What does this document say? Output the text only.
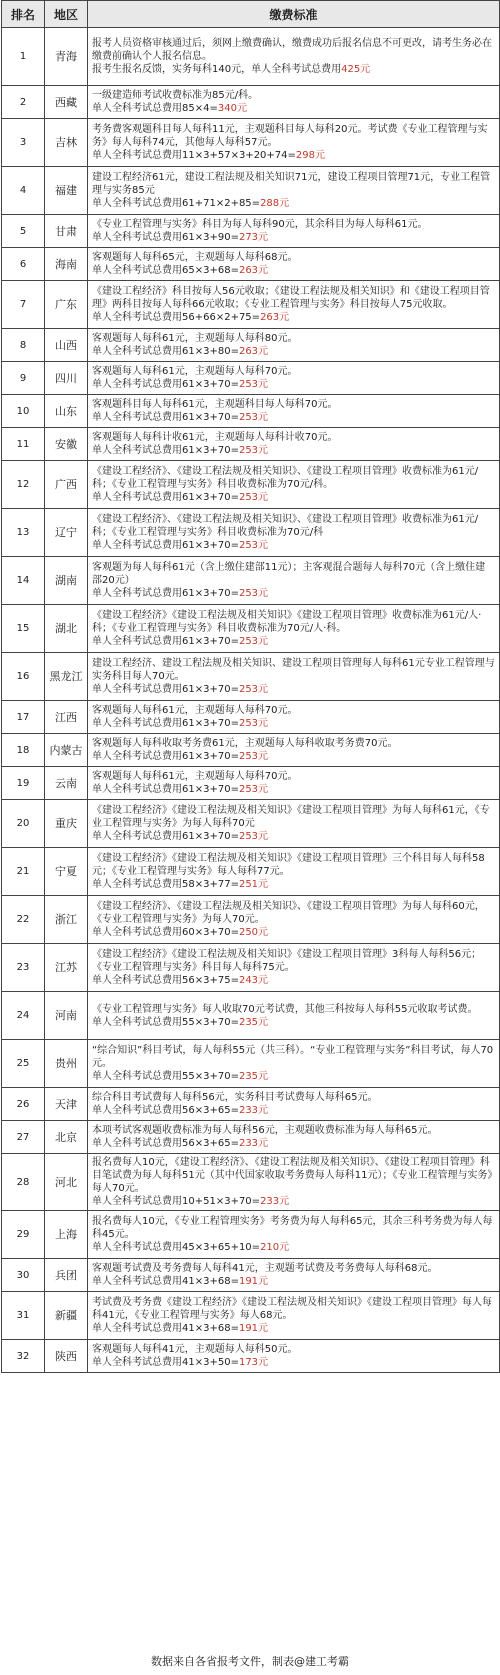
排名	地区	缴费标准
1	青海	报考人员资格审核通过后，须网上缴费确认，缴费成功后报名信息不可更改，请考生务必在缴费前确认个人报名信息。
报考生报名反馈，实务每科140元，单人全科考试总费用425元

2	西藏	一级建造师考试收费标准为85元/科。
单人全科考试总费用85×4=340元

3	吉林	考务费客观题科目每人每科11元，主观题科目每人每科20元。考试费《专业工程管理与实务》每人每科74元，其他每人每科57元。
单人全科考试总费用11×3+57×3+20+74=298元

4	福建	建设工程经济61元，建设工程法规及相关知识71元，建设工程项目管理71元，专业工程管理与实务85元
单人全科考试总费用61+71×2+85=288元

5	甘肃	《专业工程管理与实务》科目为每人每科90元，其余科目为每人每科61元。
单人全科考试总费用61×3+90=273元

6	海南	客观题每人每科65元，主观题每人每科68元。
单人全科考试总费用65×3+68=263元

7	广东	《建设工程经济》科目按每人56元收取；《建设工程法规及相关知识》和《建设工程项目管理》两科目按每人每科66元收取；《专业工程管理与实务》科目按每人75元收取。
单人全科考试总费用56+66×2+75=263元

8	山西	客观题每人每科61元，主观题每人每科80元。
单人全科考试总费用61×3+80=263元

9	四川	客观题每人每科61元，主观题每人每科70元。
单人全科考试总费用61×3+70=253元

10	山东	客观题科目每人每科61元，主观题科目每人每科70元。
单人全科考试总费用61×3+70=253元

11	安徽	客观题每人每科计收61元，主观题每人每科计收70元。
单人全科考试总费用61×3+70=253元

12	广西	《建设工程经济》、《建设工程法规及相关知识》、《建设工程项目管理》收费标准为61元/科；《专业工程管理与实务》科目收费标准为70元/科。
单人全科考试总费用61×3+70=253元

13	辽宁	《建设工程经济》、《建设工程法规及相关知识》、《建设工程项目管理》收费标准为61元/科；《专业工程管理与实务》科目收费标准为70元/科
单人全科考试总费用61×3+70=253元

14	湖南	客观题为每人每科61元（含上缴住建部11元）；主客观混合题每人每科70元（含上缴住建部20元）
单人全科考试总费用61×3+70=253元

15	湖北	《建设工程经济》《建设工程法规及相关知识》《建设工程项目管理》收费标准为61元/人·科；《专业工程管理与实务》科目收费标准为70元/人·科。
单人全科考试总费用61×3+70=253元

16	黑龙江	建设工程经济、建设工程法规及相关知识、建设工程项目管理每人每科61元专业工程管理与实务科目每人70元。
单人全科考试总费用61×3+70=253元

17	江西	客观题每人每科61元，主观题每人每科70元。
单人全科考试总费用61×3+70=253元

18	内蒙古	客观题每人每科收取考务费61元，主观题每人每科收取考务费70元。
单人全科考试总费用61×3+70=253元

19	云南	客观题每人每科61元，主观题每人每科70元。
单人全科考试总费用61×3+70=253元

20	重庆	《建设工程经济》《建设工程法规及相关知识》《建设工程项目管理》为每人每科61元，《专业工程管理与实务》为每人每科70元
单人全科考试总费用61×3+70=253元

21	宁夏	《建设工程经济》《建设工程法规及相关知识》《建设工程项目管理》三个科目每人每科58元；《专业工程管理与实务》每人每科77元。
单人全科考试总费用58×3+77=251元

22	浙江	《建设工程经济》、《建设工程法规及相关知识》、《建设工程项目管理》为每人每科60元，《专业工程管理与实务》为每人70元。
单人全科考试总费用60×3+70=250元

23	江苏	《建设工程经济》《建设工程法规及相关知识》《建设工程项目管理》3科每人每科56元；《专业工程管理与实务》科目每人每科75元。
单人全科考试总费用56×3+75=243元

24	河南	《专业工程管理与实务》每人收取70元考试费，其他三科按每人每科55元收取考试费。
单人全科考试总费用55×3+70=235元

25	贵州	“综合知识”科目考试，每人每科55元（共三科）。“专业工程管理与实务”科目考试，每人70元。
单人全科考试总费用55×3+70=235元

26	天津	综合科目考试费每人每科56元，实务科目考试费每人每科65元。
单人全科考试总费用56×3+65=233元

27	北京	本项考试客观题收费标准为每人每科56元，主观题收费标准为每人每科65元。
单人全科考试总费用56×3+65=233元

28	河北	报名费每人10元，《建设工程经济》、《建设工程法规及相关知识》、《建设工程项目管理》科目笔试费为每人每科51元（其中代国家收取考务费每人每科11元）；《专业工程管理与实务》每人70元。
单人全科考试总费用10+51×3+70=233元

29	上海	报名费每人10元，《专业工程管理实务》考务费为每人每科65元，其余三科考务费为每人每科45元。
单人全科考试总费用45×3+65+10=210元

30	兵团	客观题考试费及考务费每人每科41元，主观题考试费及考务费每人每科68元。
单人全科考试总费用41×3+68=191元

31	新疆	考试费及考务费《建设工程经济》《建设工程法规及相关知识》《建设工程项目管理》每人每科41元，《专业工程管理与实务》每人68元。
单人全科考试总费用41×3+68=191元

32	陕西	客观题每人每科41元，主观题每人每科50元。
单人全科考试总费用41×3+50=173元
数据来自各省报考文件，制表@建工考霸
